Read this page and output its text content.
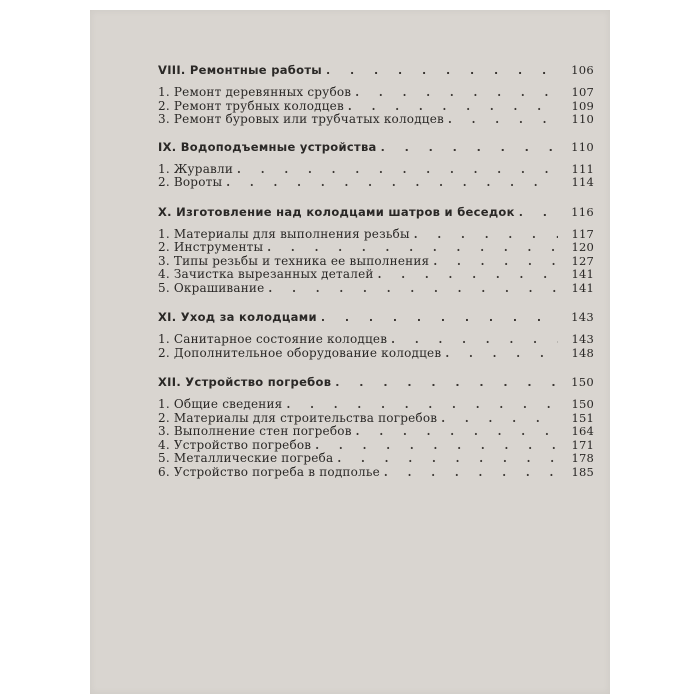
VIII. Ремонтные работы . . .	106
1. Ремонт деревянных срубов . . .	107
2. Ремонт трубных колодцев . . .	109
3. Ремонт буровых или трубчатых колодцев . . .	110
IX. Водоподъемные устройства . . .	110
1. Журавли . . .	111
2. Вороты . . .	114
X. Изготовление над колодцами шатров и беседок . . .	116
1. Материалы для выполнения резьбы . . .	117
2. Инструменты . . .	120
3. Типы резьбы и техника ее выполнения . . .	127
4. Зачистка вырезанных деталей . . .	141
5. Окрашивание . . .	141
XI. Уход за колодцами . . .	143
1. Санитарное состояние колодцев . . .	143
2. Дополнительное оборудование колодцев . . .	148
XII. Устройство погребов . . .	150
1. Общие сведения . . .	150
2. Материалы для строительства погребов . . .	151
3. Выполнение стен погребов . . .	164
4. Устройство погребов . . .	171
5. Металлические погреба . . .	178
6. Устройство погреба в подполье . . .	185
